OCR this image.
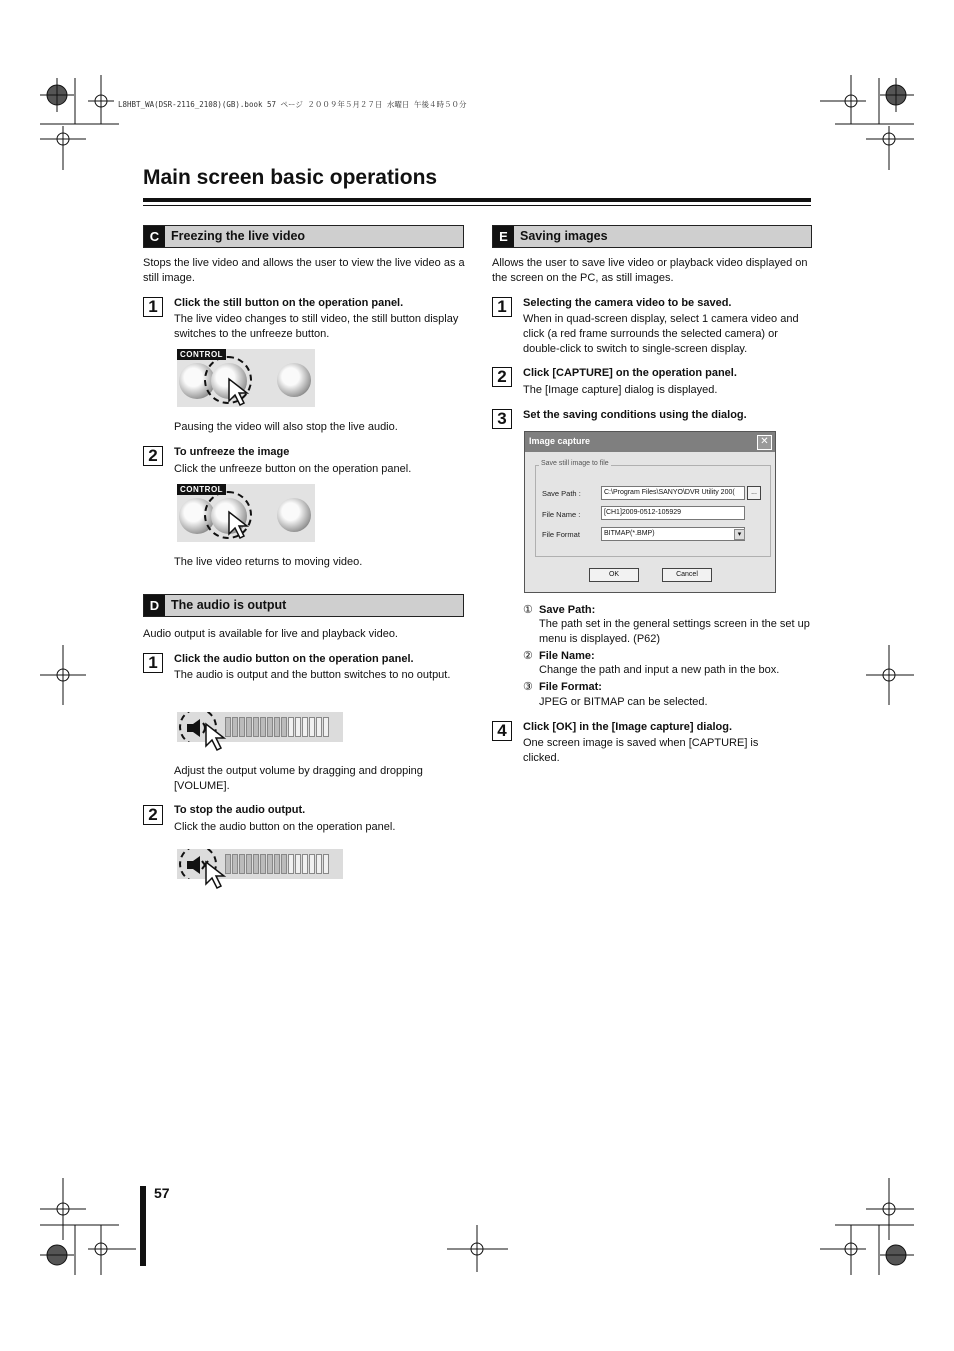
L8HBT_WA(DSR-2116_2108)(GB).book 57 ページ ２００９年５月２７日 水曜日 午後４時５０分
Main screen basic operations
C Freezing the live video
Stops the live video and allows the user to view the live video as a still image.
1	Click the still button on the operation panel.
The live video changes to still video, the still button display switches to the unfreeze button.
CONTROL
Pausing the video will also stop the live audio.
2	To unfreeze the image
Click the unfreeze button on the operation panel.
CONTROL
The live video returns to moving video.
D The audio is output
Audio output is available for live and playback video.
1	Click the audio button on the operation panel.
The audio is output and the button switches to no output.
Adjust the output volume by dragging and dropping [VOLUME].
2	To stop the audio output.
Click the audio button on the operation panel.
E Saving images
Allows the user to save live video or playback video displayed on the screen on the PC, as still images.
1	Selecting the camera video to be saved.
When in quad-screen display, select 1 camera video and click (a red frame surrounds the selected camera) or double-click to switch to single-screen display.
2	Click [CAPTURE] on the operation panel.
The [Image capture] dialog is displayed.
3	Set the saving conditions using the dialog.
Image capture	✕
Save still image to file
Save Path :	C:\Program Files\SANYO\DVR Utility 200(	...
File Name :	[CH1]2009-0512-105929
File Format	BITMAP(*.BMP)	▾
OK	Cancel
① Save Path:
The path set in the general settings screen in the set up menu is displayed. (P62)
② File Name:
Change the path and input a new path in the box.
③ File Format:
JPEG or BITMAP can be selected.
4	Click [OK] in the [Image capture] dialog.
One screen image is saved when [CAPTURE] is clicked.
57
